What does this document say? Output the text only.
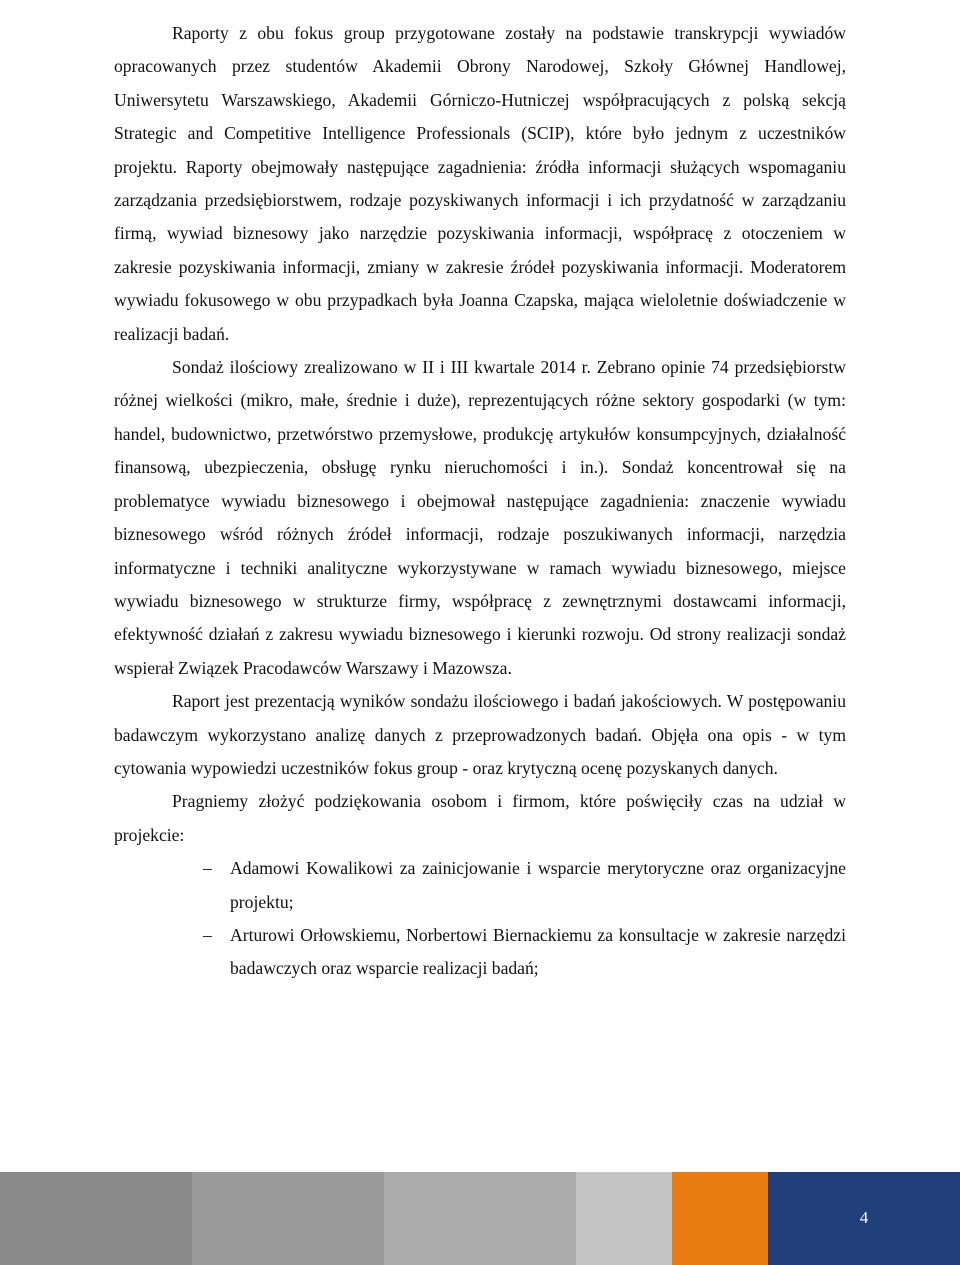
Raporty z obu fokus group przygotowane zostały na podstawie transkrypcji wywiadów opracowanych przez studentów Akademii Obrony Narodowej, Szkoły Głównej Handlowej, Uniwersytetu Warszawskiego, Akademii Górniczo-Hutniczej współpracujących z polską sekcją Strategic and Competitive Intelligence Professionals (SCIP), które było jednym z uczestników projektu. Raporty obejmowały następujące zagadnienia: źródła informacji służących wspomaganiu zarządzania przedsiębiorstwem, rodzaje pozyskiwanych informacji i ich przydatność w zarządzaniu firmą, wywiad biznesowy jako narzędzie pozyskiwania informacji, współpracę z otoczeniem w zakresie pozyskiwania informacji, zmiany w zakresie źródeł pozyskiwania informacji. Moderatorem wywiadu fokusowego w obu przypadkach była Joanna Czapska, mająca wieloletnie doświadczenie w realizacji badań.

Sondaż ilościowy zrealizowano w II i III kwartale 2014 r. Zebrano opinie 74 przedsiębiorstw różnej wielkości (mikro, małe, średnie i duże), reprezentujących różne sektory gospodarki (w tym: handel, budownictwo, przetwórstwo przemysłowe, produkcję artykułów konsumpcyjnych, działalność finansową, ubezpieczenia, obsługę rynku nieruchomości i in.). Sondaż koncentrował się na problematyce wywiadu biznesowego i obejmował następujące zagadnienia: znaczenie wywiadu biznesowego wśród różnych źródeł informacji, rodzaje poszukiwanych informacji, narzędzia informatyczne i techniki analityczne wykorzystywane w ramach wywiadu biznesowego, miejsce wywiadu biznesowego w strukturze firmy, współpracę z zewnętrznymi dostawcami informacji, efektywność działań z zakresu wywiadu biznesowego i kierunki rozwoju. Od strony realizacji sondaż wspierał Związek Pracodawców Warszawy i Mazowsza.

Raport jest prezentacją wyników sondażu ilościowego i badań jakościowych. W postępowaniu badawczym wykorzystano analizę danych z przeprowadzonych badań. Objęła ona opis - w tym cytowania wypowiedzi uczestników fokus group - oraz krytyczną ocenę pozyskanych danych.

Pragniemy złożyć podziękowania osobom i firmom, które poświęciły czas na udział w projekcie:

– Adamowi Kowalikowi za zainicjowanie i wsparcie merytoryczne oraz organizacyjne projektu;
– Arturowi Orłowskiemu, Norbertowi Biernackiemu za konsultacje w zakresie narzędzi badawczych oraz wsparcie realizacji badań;
4
